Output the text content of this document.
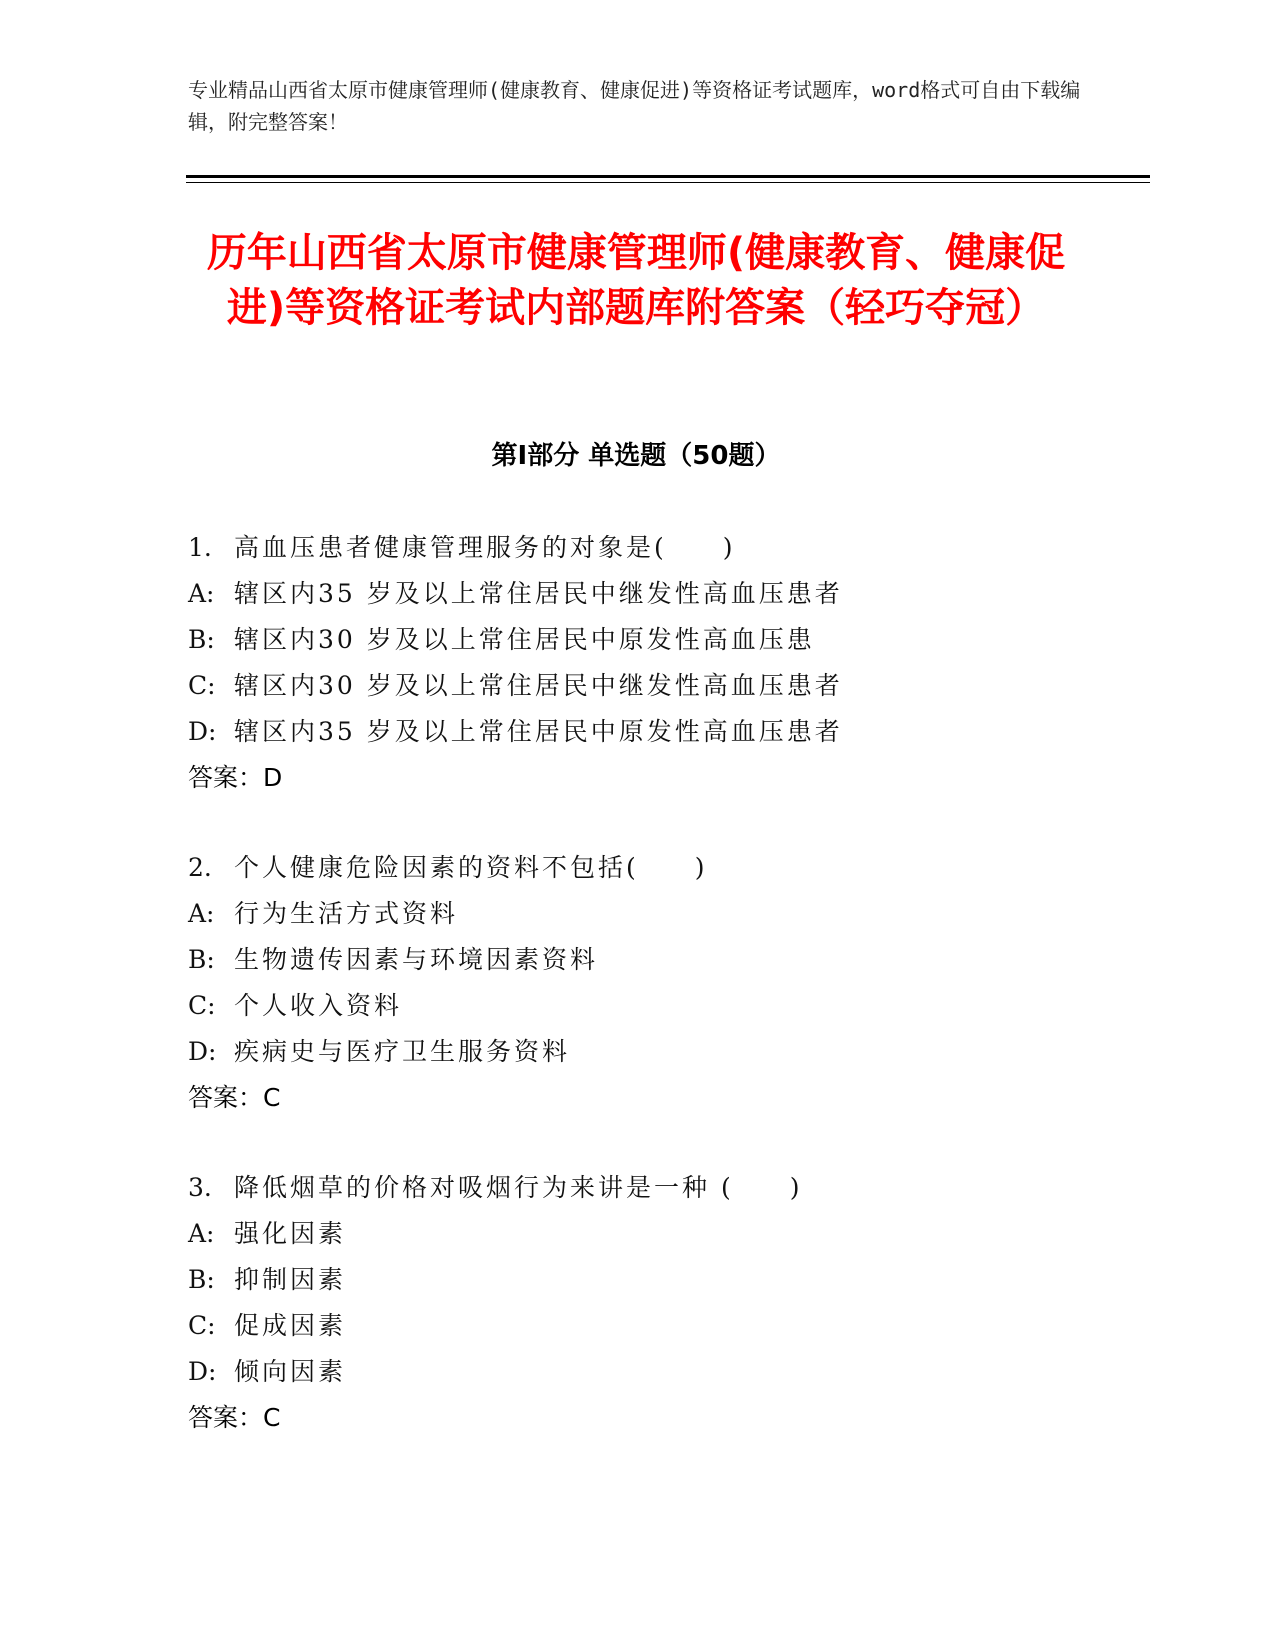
专业精品山西省太原市健康管理师(健康教育、健康促进)等资格证考试题库，word格式可自由下载编辑，附完整答案！
历年山西省太原市健康管理师(健康教育、健康促进)等资格证考试内部题库附答案（轻巧夺冠）
第Ⅰ部分 单选题（50题）
1. 高血压患者健康管理服务的对象是(　　)
A: 辖区内35 岁及以上常住居民中继发性高血压患者
B: 辖区内30 岁及以上常住居民中原发性高血压患
C: 辖区内30 岁及以上常住居民中继发性高血压患者
D: 辖区内35 岁及以上常住居民中原发性高血压患者
答案：D
2. 个人健康危险因素的资料不包括(　　)
A: 行为生活方式资料
B: 生物遗传因素与环境因素资料
C: 个人收入资料
D: 疾病史与医疗卫生服务资料
答案：C
3. 降低烟草的价格对吸烟行为来讲是一种 (　　)
A: 强化因素
B: 抑制因素
C: 促成因素
D: 倾向因素
答案：C
